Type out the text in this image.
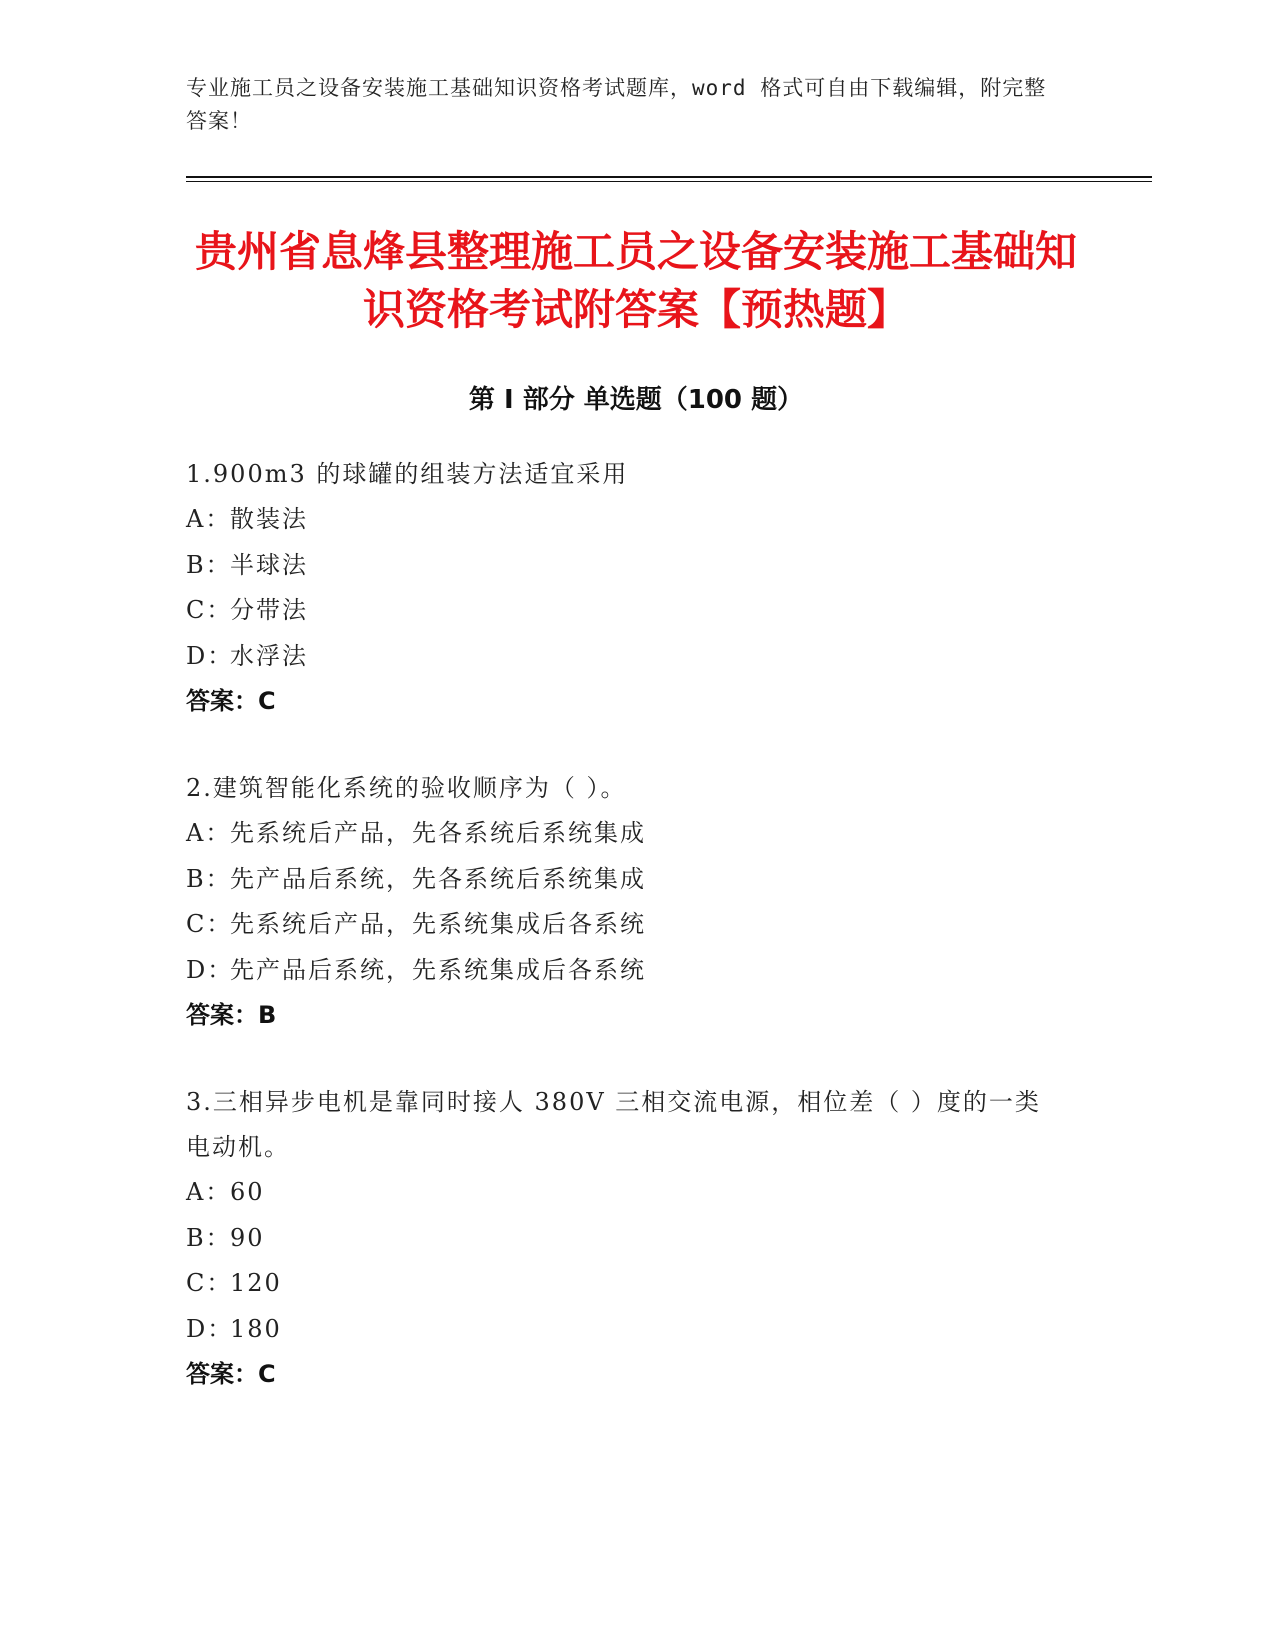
专业施工员之设备安装施工基础知识资格考试题库，word 格式可自由下载编辑，附完整答案！
贵州省息烽县整理施工员之设备安装施工基础知识资格考试附答案【预热题】
第 I 部分 单选题（100 题）

1.900m3 的球罐的组装方法适宜采用

A：散装法

B：半球法

C：分带法

D：水浮法

答案：C

2.建筑智能化系统的验收顺序为（ ）。

A：先系统后产品，先各系统后系统集成

B：先产品后系统，先各系统后系统集成

C：先系统后产品，先系统集成后各系统

D：先产品后系统，先系统集成后各系统

答案：B

3.三相异步电机是靠同时接人 380V 三相交流电源，相位差（ ）度的一类电动机。

A：60

B：90

C：120

D：180

答案：C
